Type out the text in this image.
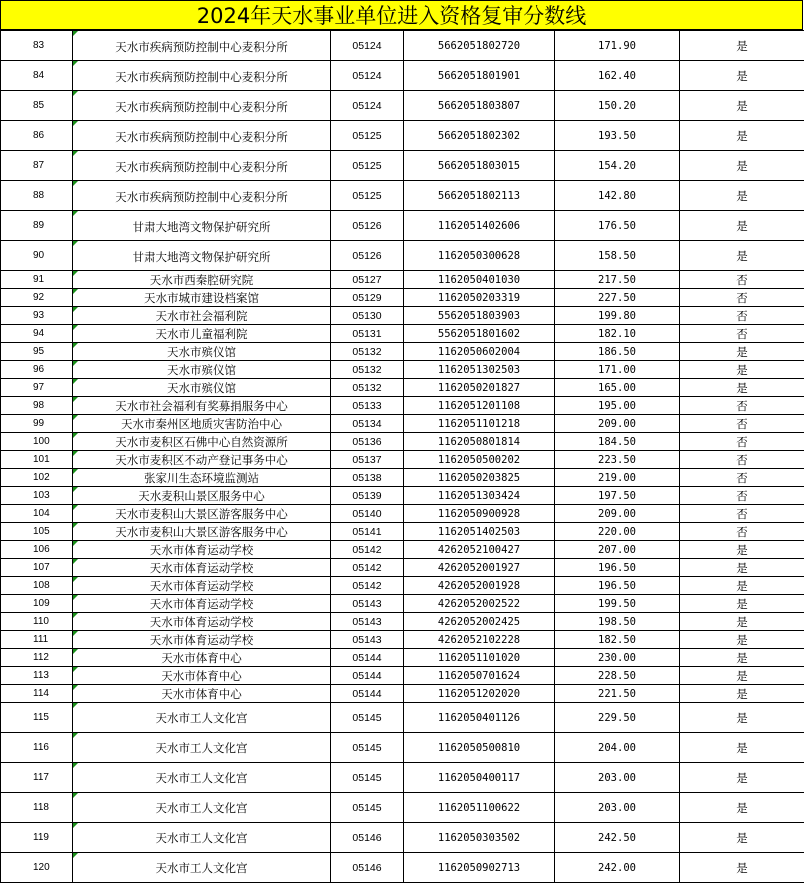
2024年天水事业单位进入资格复审分数线
83	天水市疾病预防控制中心麦积分所	05124	5662051802720	171.90	是
84	天水市疾病预防控制中心麦积分所	05124	5662051801901	162.40	是
85	天水市疾病预防控制中心麦积分所	05124	5662051803807	150.20	是
86	天水市疾病预防控制中心麦积分所	05125	5662051802302	193.50	是
87	天水市疾病预防控制中心麦积分所	05125	5662051803015	154.20	是
88	天水市疾病预防控制中心麦积分所	05125	5662051802113	142.80	是
89	甘肃大地湾文物保护研究所	05126	1162051402606	176.50	是
90	甘肃大地湾文物保护研究所	05126	1162050300628	158.50	是
91	天水市西秦腔研究院	05127	1162050401030	217.50	否
92	天水市城市建设档案馆	05129	1162050203319	227.50	否
93	天水市社会福利院	05130	5562051803903	199.80	否
94	天水市儿童福利院	05131	5562051801602	182.10	否
95	天水市殡仪馆	05132	1162050602004	186.50	是
96	天水市殡仪馆	05132	1162051302503	171.00	是
97	天水市殡仪馆	05132	1162050201827	165.00	是
98	天水市社会福利有奖募捐服务中心	05133	1162051201108	195.00	否
99	天水市秦州区地质灾害防治中心	05134	1162051101218	209.00	否
100	天水市麦积区石佛中心自然资源所	05136	1162050801814	184.50	否
101	天水市麦积区不动产登记事务中心	05137	1162050500202	223.50	否
102	张家川生态环境监测站	05138	1162050203825	219.00	否
103	天水麦积山景区服务中心	05139	1162051303424	197.50	否
104	天水市麦积山大景区游客服务中心	05140	1162050900928	209.00	否
105	天水市麦积山大景区游客服务中心	05141	1162051402503	220.00	否
106	天水市体育运动学校	05142	4262052100427	207.00	是
107	天水市体育运动学校	05142	4262052001927	196.50	是
108	天水市体育运动学校	05142	4262052001928	196.50	是
109	天水市体育运动学校	05143	4262052002522	199.50	是
110	天水市体育运动学校	05143	4262052002425	198.50	是
111	天水市体育运动学校	05143	4262052102228	182.50	是
112	天水市体育中心	05144	1162051101020	230.00	是
113	天水市体育中心	05144	1162050701624	228.50	是
114	天水市体育中心	05144	1162051202020	221.50	是
115	天水市工人文化宫	05145	1162050401126	229.50	是
116	天水市工人文化宫	05145	1162050500810	204.00	是
117	天水市工人文化宫	05145	1162050400117	203.00	是
118	天水市工人文化宫	05145	1162051100622	203.00	是
119	天水市工人文化宫	05146	1162050303502	242.50	是
120	天水市工人文化宫	05146	1162050902713	242.00	是
